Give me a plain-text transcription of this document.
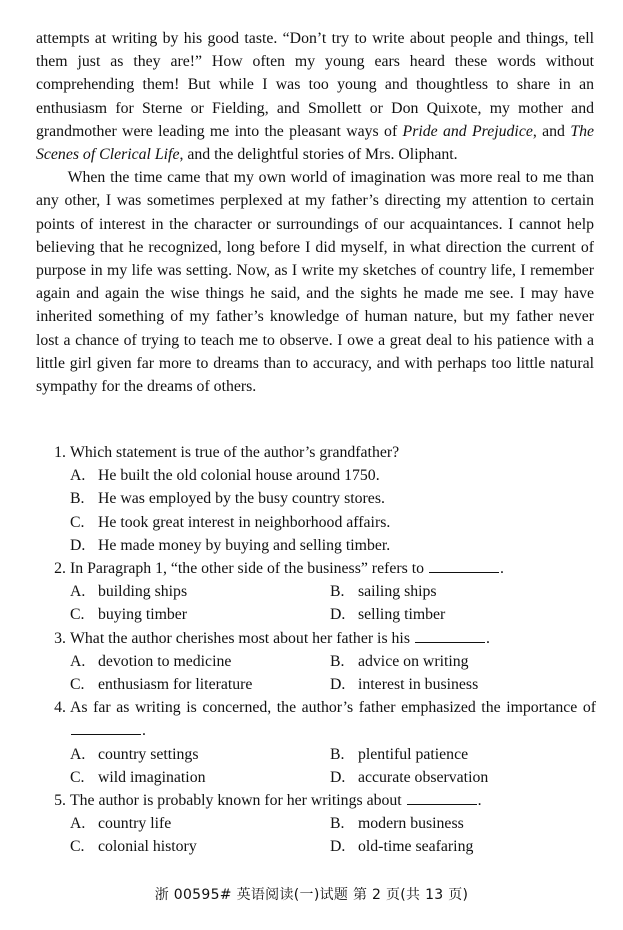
attempts at writing by his good taste. “Don’t try to write about people and things, tell them just as they are!” How often my young ears heard these words without comprehending them! But while I was too young and thoughtless to share in an enthusiasm for Sterne or Fielding, and Smollett or Don Quixote, my mother and grandmother were leading me into the pleasant ways of Pride and Prejudice, and The Scenes of Clerical Life, and the delightful stories of Mrs. Oliphant.

When the time came that my own world of imagination was more real to me than any other, I was sometimes perplexed at my father’s directing my attention to certain points of interest in the character or surroundings of our acquaintances. I cannot help believing that he recognized, long before I did myself, in what direction the current of purpose in my life was setting. Now, as I write my sketches of country life, I remember again and again the wise things he said, and the sights he made me see. I may have inherited something of my father’s knowledge of human nature, but my father never lost a chance of trying to teach me to observe. I owe a great deal to his patience with a little girl given far more to dreams than to accuracy, and with perhaps too little natural sympathy for the dreams of others.

1. Which statement is true of the author’s grandfather?
A. He built the old colonial house around 1750.
B. He was employed by the busy country stores.
C. He took great interest in neighborhood affairs.
D. He made money by buying and selling timber.
2. In Paragraph 1, “the other side of the business” refers to	.
A. building ships	B. sailing ships
C. buying timber	D. selling timber
3. What the author cherishes most about her father is his	.
A. devotion to medicine	B. advice on writing
C. enthusiasm for literature	D. interest in business
4. As far as writing is concerned, the author’s father emphasized the importance of .
A. country settings	B. plentiful patience
C. wild imagination	D. accurate observation
5. The author is probably known for her writings about	.
A. country life	B. modern business
C. colonial history	D. old-time seafaring
浙 00595# 英语阅读(一)试题 第 2 页(共 13 页)
